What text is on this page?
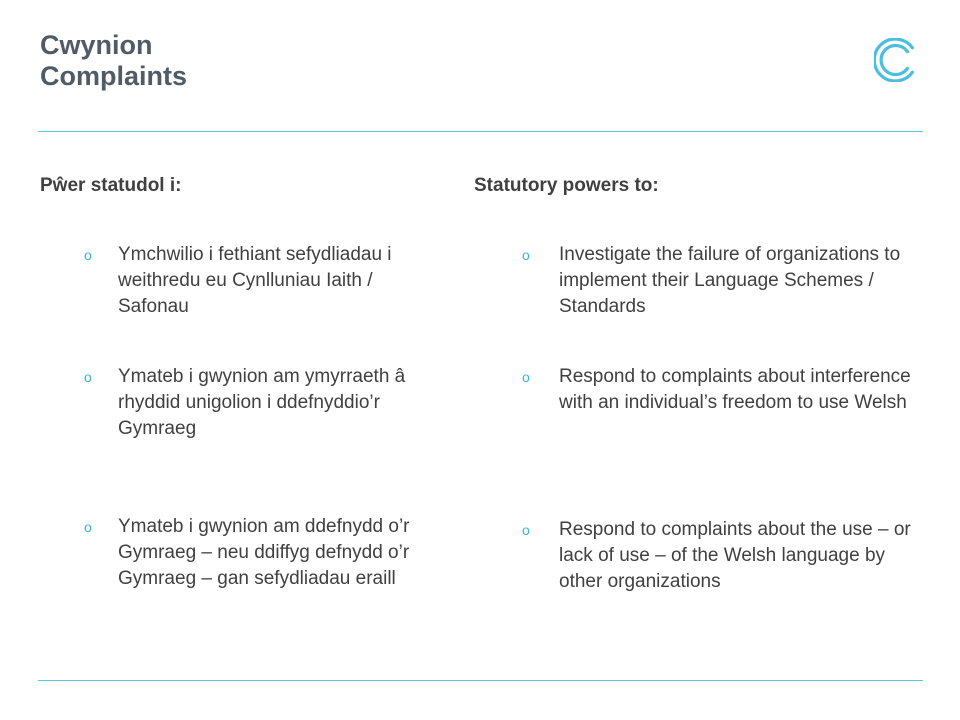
Cwynion
Complaints
Pŵer statudol i:
o Ymchwilio i fethiant sefydliadau i weithredu eu Cynlluniau Iaith / Safonau
o Ymateb i gwynion am ymyrraeth â rhyddid unigolion i ddefnyddio’r Gymraeg
o Ymateb i gwynion am ddefnydd o’r Gymraeg – neu ddiffyg defnydd o’r Gymraeg – gan sefydliadau eraill
Statutory powers to:
o Investigate the failure of organizations to implement their Language Schemes / Standards
o Respond to complaints about interference with an individual’s freedom to use Welsh
o Respond to complaints about the use – or lack of use – of the Welsh language by other organizations
